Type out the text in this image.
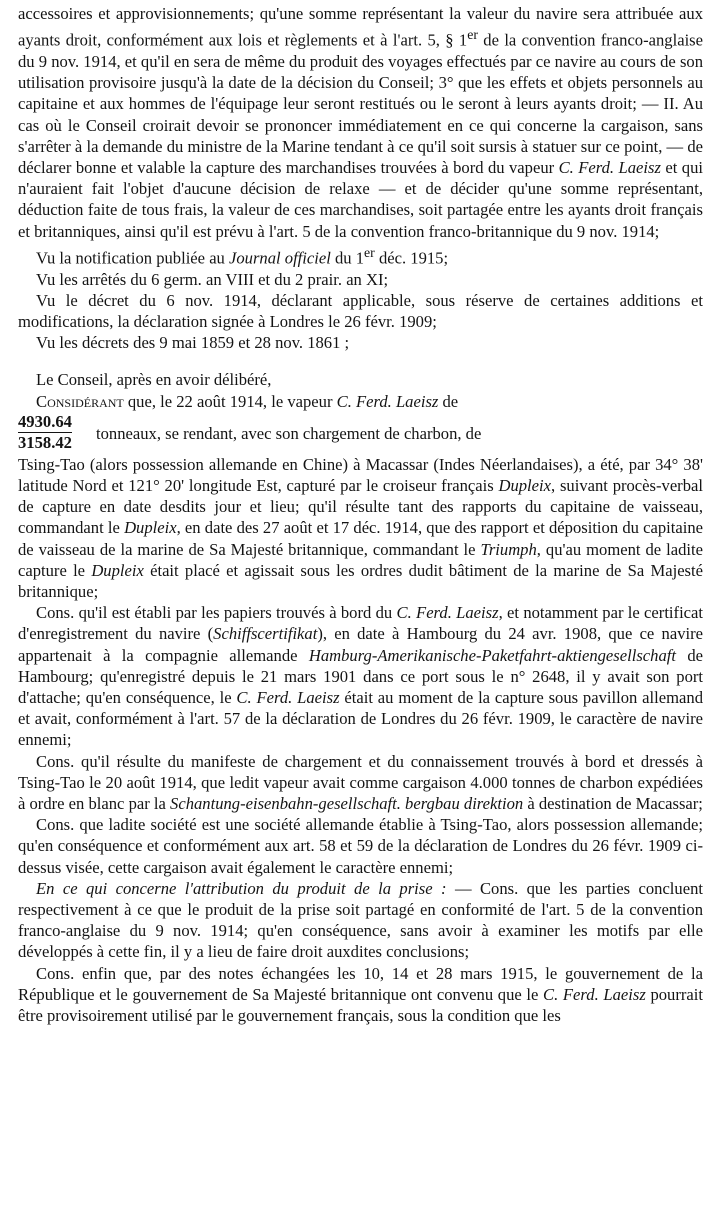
accessoires et approvisionnements; qu'une somme représentant la valeur du navire sera attribuée aux ayants droit, conformément aux lois et règlements et à l'art. 5, § 1er de la convention franco-anglaise du 9 nov. 1914, et qu'il en sera de même du produit des voyages effectués par ce navire au cours de son utilisation provisoire jusqu'à la date de la décision du Conseil; 3° que les effets et objets personnels au capitaine et aux hommes de l'équipage leur seront restitués ou le seront à leurs ayants droit; — II. Au cas où le Conseil croirait devoir se prononcer immédiatement en ce qui concerne la cargaison, sans s'arrêter à la demande du ministre de la Marine tendant à ce qu'il soit sursis à statuer sur ce point, — de déclarer bonne et valable la capture des marchandises trouvées à bord du vapeur C. Ferd. Laeisz et qui n'auraient fait l'objet d'aucune décision de relaxe — et de décider qu'une somme représentant, déduction faite de tous frais, la valeur de ces marchandises, soit partagée entre les ayants droit français et britanniques, ainsi qu'il est prévu à l'art. 5 de la convention franco-britannique du 9 nov. 1914;

Vu la notification publiée au Journal officiel du 1er déc. 1915;

Vu les arrêtés du 6 germ. an VIII et du 2 prair. an XI;

Vu le décret du 6 nov. 1914, déclarant applicable, sous réserve de certaines additions et modifications, la déclaration signée à Londres le 26 févr. 1909;

Vu les décrets des 9 mai 1859 et 28 nov. 1861 ;

Le Conseil, après en avoir délibéré,

Considérant que, le 22 août 1914, le vapeur C. Ferd. Laeisz de

$\frac{4930.64}{3158.42}$ tonneaux, se rendant, avec son chargement de charbon, de

Tsing-Tao (alors possession allemande en Chine) à Macassar (Indes Néerlandaises), a été, par 34° 38' latitude Nord et 121° 20' longitude Est, capturé par le croiseur français Dupleix, suivant procès-verbal de capture en date desdits jour et lieu; qu'il résulte tant des rapports du capitaine de vaisseau, commandant le Dupleix, en date des 27 août et 17 déc. 1914, que des rapport et déposition du capitaine de vaisseau de la marine de Sa Majesté britannique, commandant le Triumph, qu'au moment de ladite capture le Dupleix était placé et agissait sous les ordres dudit bâtiment de la marine de Sa Majesté britannique;

Cons. qu'il est établi par les papiers trouvés à bord du C. Ferd. Laeisz, et notamment par le certificat d'enregistrement du navire (Schiffscertifikat), en date à Hambourg du 24 avr. 1908, que ce navire appartenait à la compagnie allemande Hamburg-Amerikanische-Paketfahrt-aktiengesellschaft de Hambourg; qu'enregistré depuis le 21 mars 1901 dans ce port sous le n° 2648, il y avait son port d'attache; qu'en conséquence, le C. Ferd. Laeisz était au moment de la capture sous pavillon allemand et avait, conformément à l'art. 57 de la déclaration de Londres du 26 févr. 1909, le caractère de navire ennemi;

Cons. qu'il résulte du manifeste de chargement et du connaissement trouvés à bord et dressés à Tsing-Tao le 20 août 1914, que ledit vapeur avait comme cargaison 4.000 tonnes de charbon expédiées à ordre en blanc par la Schantung-eisenbahn-gesellschaft. bergbau direktion à destination de Macassar;

Cons. que ladite société est une société allemande établie à Tsing-Tao, alors possession allemande; qu'en conséquence et conformément aux art. 58 et 59 de la déclaration de Londres du 26 févr. 1909 ci-dessus visée, cette cargaison avait également le caractère ennemi;

En ce qui concerne l'attribution du produit de la prise : — Cons. que les parties concluent respectivement à ce que le produit de la prise soit partagé en conformité de l'art. 5 de la convention franco-anglaise du 9 nov. 1914; qu'en conséquence, sans avoir à examiner les motifs par elle développés à cette fin, il y a lieu de faire droit auxdites conclusions;

Cons. enfin que, par des notes échangées les 10, 14 et 28 mars 1915, le gouvernement de la République et le gouvernement de Sa Majesté britannique ont convenu que le C. Ferd. Laeisz pourrait être provisoirement utilisé par le gouvernement français, sous la condition que les
